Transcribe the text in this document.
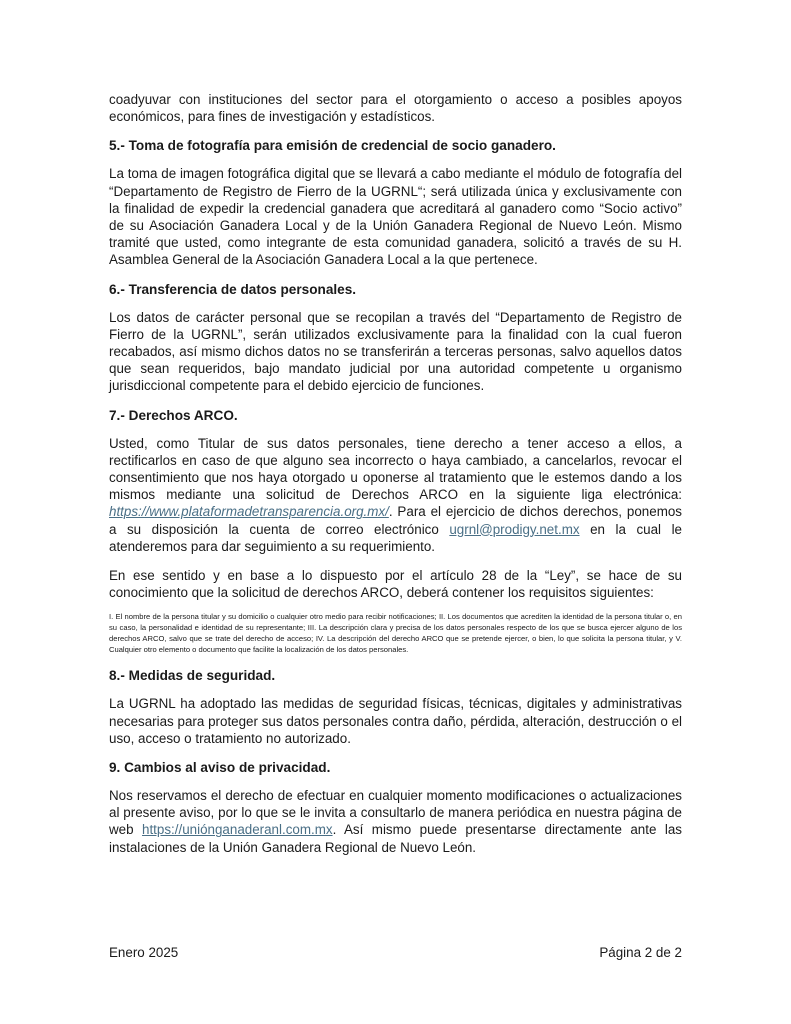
coadyuvar con instituciones del sector para el otorgamiento o acceso a posibles apoyos económicos, para fines de investigación y estadísticos.

5.- Toma de fotografía para emisión de credencial de socio ganadero.

La toma de imagen fotográfica digital que se llevará a cabo mediante el módulo de fotografía del “Departamento de Registro de Fierro de la UGRNL“; será utilizada única y exclusivamente con la finalidad de expedir la credencial ganadera que acreditará al ganadero como “Socio activo” de su Asociación Ganadera Local y de la Unión Ganadera Regional de Nuevo León. Mismo tramité que usted, como integrante de esta comunidad ganadera, solicitó a través de su H. Asamblea General de la Asociación Ganadera Local a la que pertenece.

6.- Transferencia de datos personales.

Los datos de carácter personal que se recopilan a través del “Departamento de Registro de Fierro de la UGRNL”, serán utilizados exclusivamente para la finalidad con la cual fueron recabados, así mismo dichos datos no se transferirán a terceras personas, salvo aquellos datos que sean requeridos, bajo mandato judicial por una autoridad competente u organismo jurisdiccional competente para el debido ejercicio de funciones.

7.- Derechos ARCO.

Usted, como Titular de sus datos personales, tiene derecho a tener acceso a ellos, a rectificarlos en caso de que alguno sea incorrecto o haya cambiado, a cancelarlos, revocar el consentimiento que nos haya otorgado u oponerse al tratamiento que le estemos dando a los mismos mediante una solicitud de Derechos ARCO en la siguiente liga electrónica: https://www.plataformadetransparencia.org.mx/. Para el ejercicio de dichos derechos, ponemos a su disposición la cuenta de correo electrónico ugrnl@prodigy.net.mx en la cual le atenderemos para dar seguimiento a su requerimiento.

En ese sentido y en base a lo dispuesto por el artículo 28 de la “Ley”, se hace de su conocimiento que la solicitud de derechos ARCO, deberá contener los requisitos siguientes:

I. El nombre de la persona titular y su domicilio o cualquier otro medio para recibir notificaciones; II. Los documentos que acrediten la identidad de la persona titular o, en su caso, la personalidad e identidad de su representante; III. La descripción clara y precisa de los datos personales respecto de los que se busca ejercer alguno de los derechos ARCO, salvo que se trate del derecho de acceso; IV. La descripción del derecho ARCO que se pretende ejercer, o bien, lo que solicita la persona titular, y V. Cualquier otro elemento o documento que facilite la localización de los datos personales.

8.- Medidas de seguridad.

La UGRNL ha adoptado las medidas de seguridad físicas, técnicas, digitales y administrativas necesarias para proteger sus datos personales contra daño, pérdida, alteración, destrucción o el uso, acceso o tratamiento no autorizado.

9. Cambios al aviso de privacidad.

Nos reservamos el derecho de efectuar en cualquier momento modificaciones o actualizaciones al presente aviso, por lo que se le invita a consultarlo de manera periódica en nuestra página de web https://uniónganaderanl.com.mx. Así mismo puede presentarse directamente ante las instalaciones de la Unión Ganadera Regional de Nuevo León.

Enero 2025	Página 2 de 2
